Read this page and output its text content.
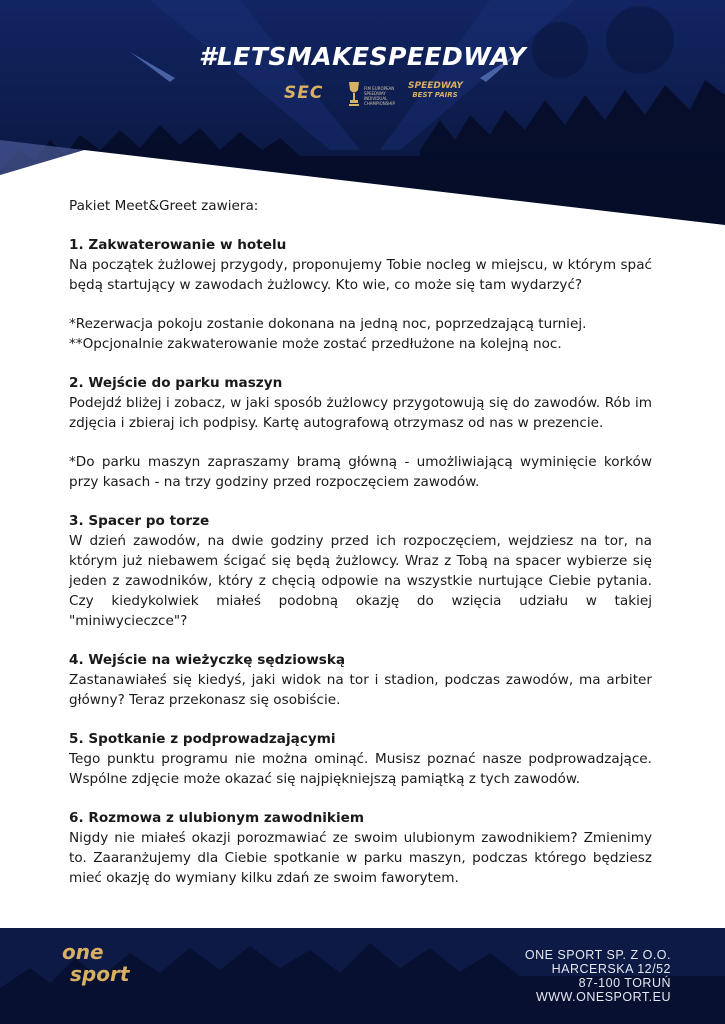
#LETSMAKESPEEDWAY
SEC	FIM EUROPEAN SPEEDWAY INDIVIDUAL CHAMPIONSHIP
SPEEDWAY
BEST PAIRS

Pakiet Meet&Greet zawiera:

1. Zakwaterowanie w hotelu

Na początek żużlowej przygody, proponujemy Tobie nocleg w miejscu, w którym spać będą startujący w zawodach żużlowcy. Kto wie, co może się tam wydarzyć?

*Rezerwacja pokoju zostanie dokonana na jedną noc, poprzedzającą turniej.

**Opcjonalnie zakwaterowanie może zostać przedłużone na kolejną noc.

2. Wejście do parku maszyn

Podejdź bliżej i zobacz, w jaki sposób żużlowcy przygotowują się do zawodów. Rób im zdjęcia i zbieraj ich podpisy. Kartę autografową otrzymasz od nas w prezencie.

*Do parku maszyn zapraszamy bramą główną - umożliwiającą wyminięcie korków przy kasach - na trzy godziny przed rozpoczęciem zawodów.

3. Spacer po torze

W dzień zawodów, na dwie godziny przed ich rozpoczęciem, wejdziesz na tor, na którym już niebawem ścigać się będą żużlowcy. Wraz z Tobą na spacer wybierze się jeden z zawodników, który z chęcią odpowie na wszystkie nurtujące Ciebie pytania. Czy kiedykolwiek miałeś podobną okazję do wzięcia udziału w takiej "miniwycieczce"?

4. Wejście na wieżyczkę sędziowską

Zastanawiałeś się kiedyś, jaki widok na tor i stadion, podczas zawodów, ma arbiter główny? Teraz przekonasz się osobiście.

5. Spotkanie z podprowadzającymi

Tego punktu programu nie można ominąć. Musisz poznać nasze podprowadzające. Wspólne zdjęcie może okazać się najpiękniejszą pamiątką z tych zawodów.

6. Rozmowa z ulubionym zawodnikiem

Nigdy nie miałeś okazji porozmawiać ze swoim ulubionym zawodnikiem? Zmienimy to. Zaaranżujemy dla Ciebie spotkanie w parku maszyn, podczas którego będziesz mieć okazję do wymiany kilku zdań ze swoim faworytem.

one
sport
ONE SPORT SP. Z O.O.
HARCERSKA 12/52
87-100 TORUŃ
WWW.ONESPORT.EU
